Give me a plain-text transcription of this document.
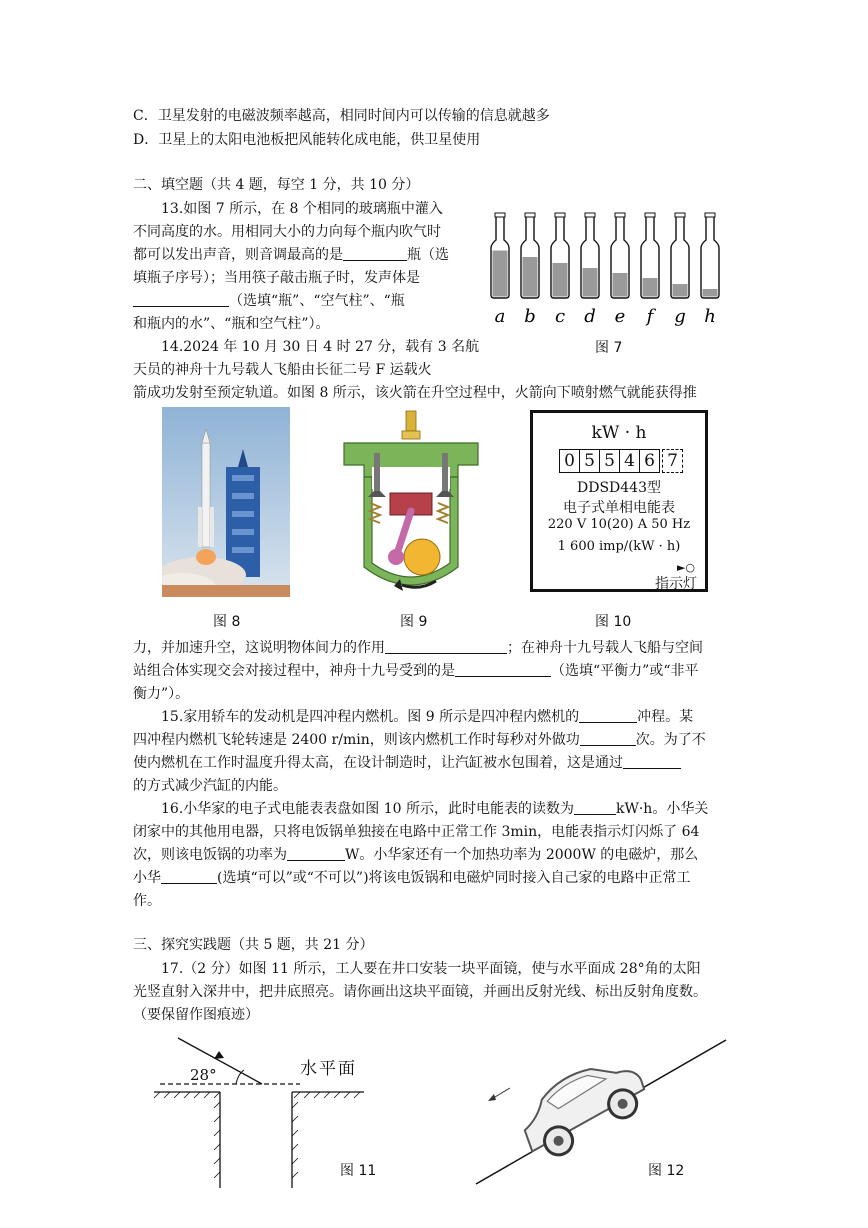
C．卫星发射的电磁波频率越高，相同时间内可以传输的信息就越多
D．卫星上的太阳电池板把风能转化成电能，供卫星使用
二、填空题（共 4 题，每空 1 分，共 10 分）
13.如图 7 所示，在 8 个相同的玻璃瓶中灌入
不同高度的水。用相同大小的力向每个瓶内吹气时
都可以发出声音，则音调最高的是	瓶（选
填瓶子序号）；当用筷子敲击瓶子时，发声体是
（选填“瓶”、“空气柱”、“瓶
和瓶内的水”、“瓶和空气柱”）。	a b c d e f g h
图 7
14.2024 年 10 月 30 日 4 时 27 分，载有 3 名航
天员的神舟十九号载人飞船由长征二号 F 运载火
箭成功发射至预定轨道。如图 8 所示，该火箭在升空过程中，火箭向下喷射燃气就能获得推
图 8	图 9
kW · h
0 5 5 4 6 7
DDSD443型
电子式单相电能表
220 V 10(20) A 50 Hz
1 600 imp/(kW · h)
►○
指示灯
图 10
力，并加速升空，这说明物体间力的作用	；在神舟十九号载人飞船与空间
站组合体实现交会对接过程中，神舟十九号受到的是	（选填“平衡力”或“非平
衡力”）。
15.家用轿车的发动机是四冲程内燃机。图 9 所示是四冲程内燃机的	冲程。某
四冲程内燃机飞轮转速是 2400 r/min，则该内燃机工作时每秒对外做功	次。为了不
使内燃机在工作时温度升得太高，在设计制造时，让汽缸被水包围着，这是通过
的方式减少汽缸的内能。
16.小华家的电子式电能表表盘如图 10 所示，此时电能表的读数为	kW·h。小华关
闭家中的其他用电器，只将电饭锅单独接在电路中正常工作 3min，电能表指示灯闪烁了 64
次，则该电饭锅的功率为	W。小华家还有一个加热功率为 2000W 的电磁炉，那么
小华	(选填“可以”或“不可以”)将该电饭锅和电磁炉同时接入自己家的电路中正常工
作。
三、探究实践题（共 5 题，共 21 分）
17.（2 分）如图 11 所示，工人要在井口安装一块平面镜，使与水平面成 28°角的太阳
光竖直射入深井中，把井底照亮。请你画出这块平面镜，并画出反射光线、标出反射角度数。
（要保留作图痕迹）
28°	水平面
图 11	图 12
